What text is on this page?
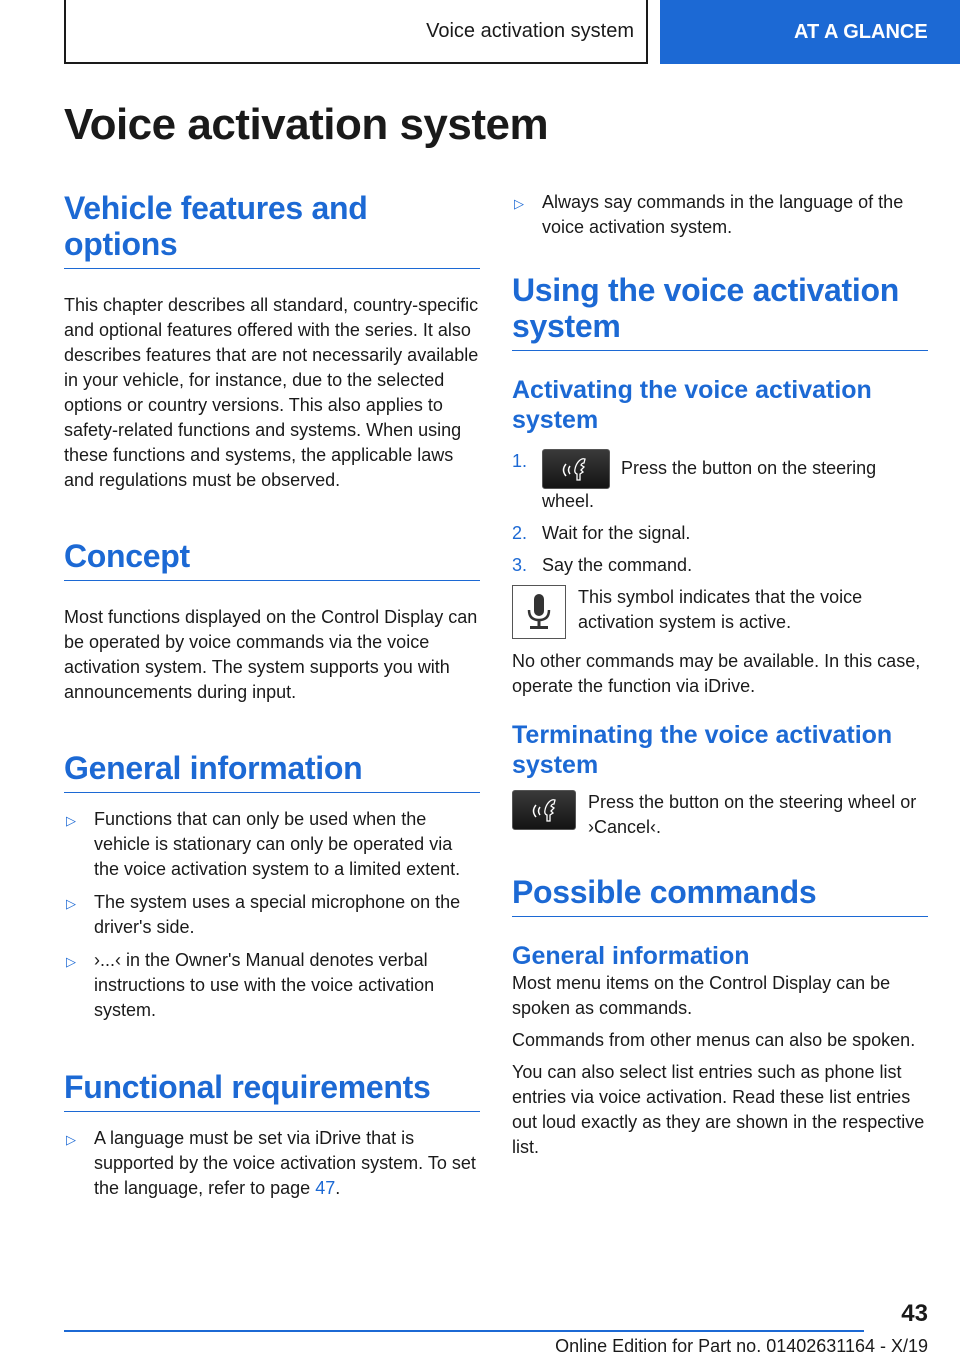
Voice activation system	AT A GLANCE
Voice activation system
Vehicle features and options

This chapter describes all standard, country-specific and optional features offered with the series. It also describes features that are not necessarily available in your vehicle, for instance, due to the selected options or country versions. This also applies to safety-related functions and systems. When using these functions and systems, the applicable laws and regulations must be observed.

Concept

Most functions displayed on the Control Display can be operated by voice commands via the voice activation system. The system supports you with announcements during input.

General information
▷ Functions that can only be used when the vehicle is stationary can only be operated via the voice activation system to a limited extent.
▷ The system uses a special microphone on the driver's side.
▷ ›...‹ in the Owner's Manual denotes verbal instructions to use with the voice activation system.
Functional requirements
▷ A language must be set via iDrive that is supported by the voice activation system. To set the language, refer to page 47.
▷ Always say commands in the language of the voice activation system.
Using the voice activation system
Activating the voice activation system
1.	Press the button on the steering wheel.
2. Wait for the signal.
3. Say the command.

This symbol indicates that the voice activation system is active.

No other commands may be available. In this case, operate the function via iDrive.

Terminating the voice activation system

Press the button on the steering wheel or ›Cancel‹.

Possible commands
General information

Most menu items on the Control Display can be spoken as commands.

Commands from other menus can also be spoken.

You can also select list entries such as phone list entries via voice activation. Read these list entries out loud exactly as they are shown in the respective list.

43
Online Edition for Part no. 01402631164 - X/19
